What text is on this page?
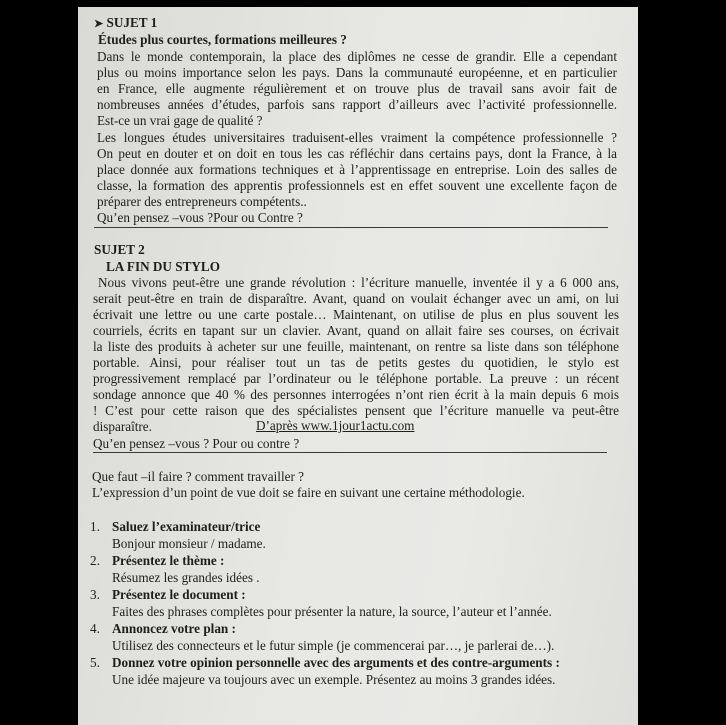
➤ SUJET 1
Études plus courtes, formations meilleures ?
Dans le monde contemporain, la place des diplômes ne cesse de grandir. Elle a cependant
plus ou moins importance selon les pays. Dans la communauté européenne, et en particulier
en France, elle augmente régulièrement et on trouve plus de travail sans avoir fait de
nombreuses années d’études, parfois sans rapport d’ailleurs avec l’activité professionnelle.
Est-ce un vrai gage de qualité ?
Les longues études universitaires traduisent-elles vraiment la compétence professionnelle ?
On peut en douter et on doit en tous les cas réfléchir dans certains pays, dont la France, à la
place donnée aux formations techniques et à l’apprentissage en entreprise. Loin des salles de
classe, la formation des apprentis professionnels est en effet souvent une excellente façon de
préparer des entrepreneurs compétents..
Qu’en pensez –vous ?Pour ou Contre ?
SUJET 2
LA FIN DU STYLO
Nous vivons peut-être une grande révolution : l’écriture manuelle, inventée il y a 6 000 ans,
serait peut-être en train de disparaître. Avant, quand on voulait échanger avec un ami, on lui
écrivait une lettre ou une carte postale… Maintenant, on utilise de plus en plus souvent les
courriels, écrits en tapant sur un clavier. Avant, quand on allait faire ses courses, on écrivait
la liste des produits à acheter sur une feuille, maintenant, on rentre sa liste dans son téléphone
portable. Ainsi, pour réaliser tout un tas de petits gestes du quotidien, le stylo est
progressivement remplacé par l’ordinateur ou le téléphone portable. La preuve : un récent
sondage annonce que 40 % des personnes interrogées n’ont rien écrit à la main depuis 6 mois
! C’est pour cette raison que des spécialistes pensent que l’écriture manuelle va peut-être
disparaître.	D’après www.1jour1actu.com
Qu’en pensez –vous ? Pour ou contre ?
Que faut –il faire ? comment travailler ?
L’expression d’un point de vue doit se faire en suivant une certaine méthodologie.
1. Saluez l’examinateur/trice
Bonjour monsieur / madame.
2. Présentez le thème :
Résumez les grandes idées .
3. Présentez le document :
Faites des phrases complètes pour présenter la nature, la source, l’auteur et l’année.
4. Annoncez votre plan :
Utilisez des connecteurs et le futur simple (je commencerai par…, je parlerai de…).
5. Donnez votre opinion personnelle avec des arguments et des contre-arguments :
Une idée majeure va toujours avec un exemple. Présentez au moins 3 grandes idées.
